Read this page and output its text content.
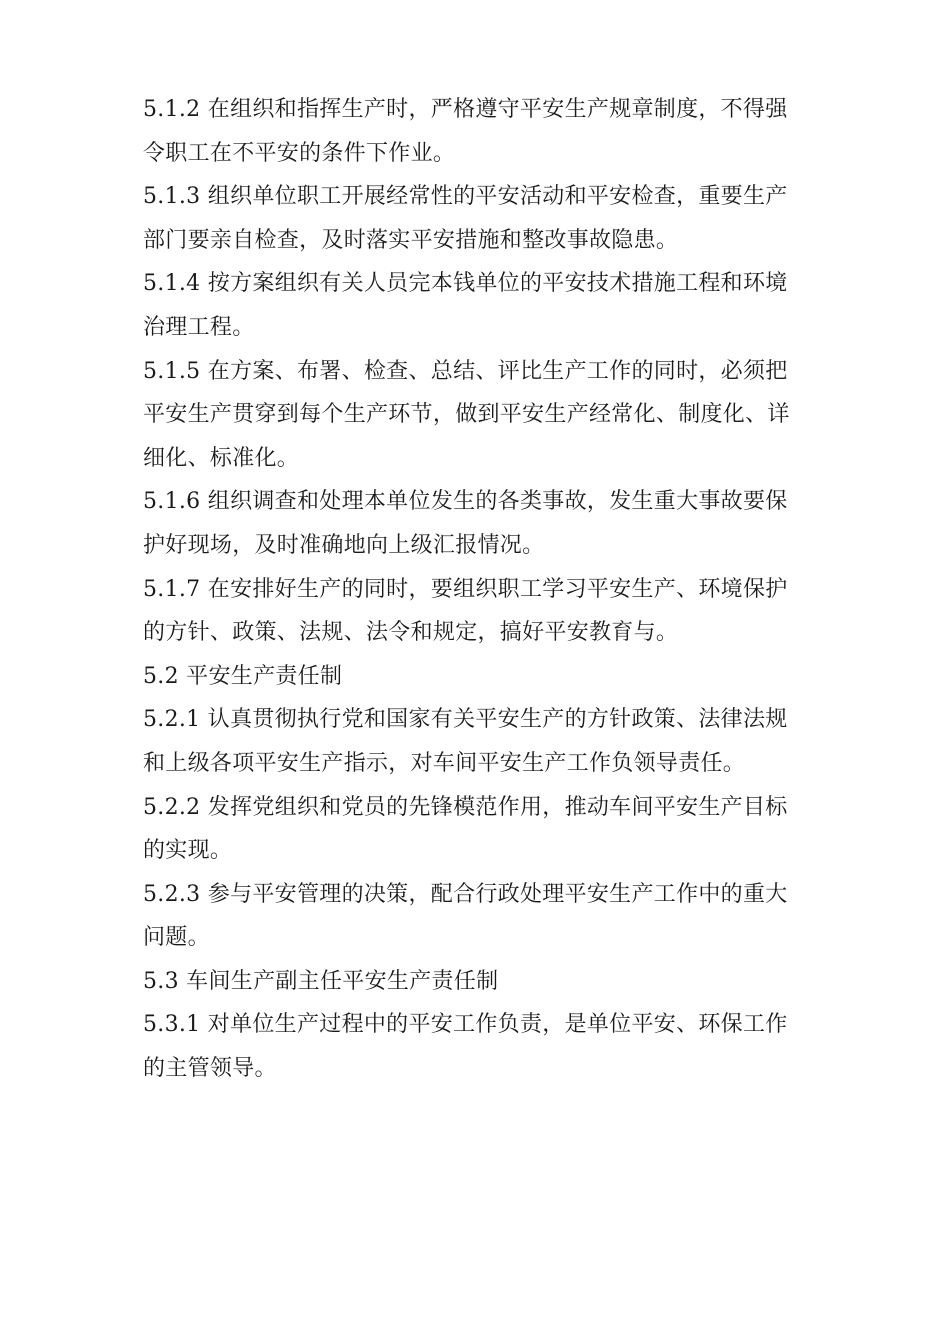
5.1.2 在组织和指挥生产时，严格遵守平安生产规章制度，不得强
令职工在不平安的条件下作业。
5.1.3 组织单位职工开展经常性的平安活动和平安检查，重要生产
部门要亲自检查，及时落实平安措施和整改事故隐患。
5.1.4 按方案组织有关人员完本钱单位的平安技术措施工程和环境
治理工程。
5.1.5 在方案、布署、检查、总结、评比生产工作的同时，必须把
平安生产贯穿到每个生产环节，做到平安生产经常化、制度化、详
细化、标准化。
5.1.6 组织调查和处理本单位发生的各类事故，发生重大事故要保
护好现场，及时准确地向上级汇报情况。
5.1.7 在安排好生产的同时，要组织职工学习平安生产、环境保护
的方针、政策、法规、法令和规定，搞好平安教育与。
5.2 平安生产责任制
5.2.1 认真贯彻执行党和国家有关平安生产的方针政策、法律法规
和上级各项平安生产指示，对车间平安生产工作负领导责任。
5.2.2 发挥党组织和党员的先锋模范作用，推动车间平安生产目标
的实现。
5.2.3 参与平安管理的决策，配合行政处理平安生产工作中的重大
问题。
5.3 车间生产副主任平安生产责任制
5.3.1 对单位生产过程中的平安工作负责，是单位平安、环保工作
的主管领导。
